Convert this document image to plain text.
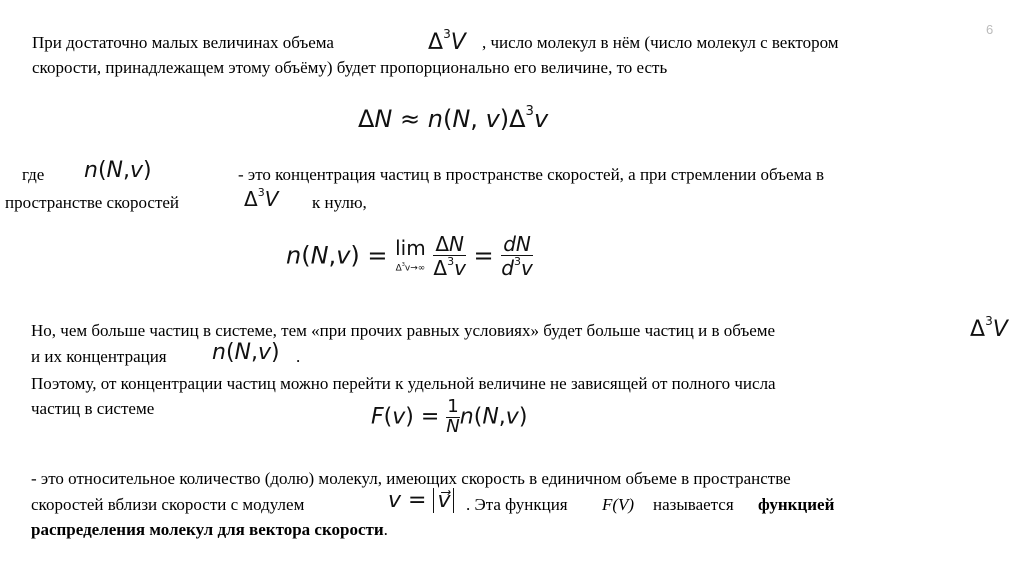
6
При достаточно малых величинах объема	$\Delta^3V$ , число молекул в нём (число молекул с вектором
скорости, принадлежащем этому объёму) будет пропорционально его величине, то есть
ΔN ≈ n(N, $v)\Delta^3v$
где n(N,v)	- это концентрация частиц в пространстве скоростей, а при стремлении объема в
пространстве скоростей	$\Delta^3V$ к нулю,
n(N,v) = lim
$\Delta^3v\to\infty$
$\frac{\Delta N}{\Delta^3v} = \frac{dN}{d^3v}$
Но, чем больше частиц в системе, тем «при прочих равных условиях» будет больше частиц и в объеме	$\Delta^3V$
и их концентрация n(N,v) .
Поэтому, от концентрации частиц можно перейти к удельной величине не зависящей от полного числа
частиц в системе	$F(v) = \frac{1}{N} n(N,v)$
- это относительное количество (долю) молекул, имеющих скорость в единичном объеме в пространстве
скоростей вблизи скорости с модулем	v = v⃗ . Эта функция F(V) называется функцией
распределения молекул для вектора скорости.
